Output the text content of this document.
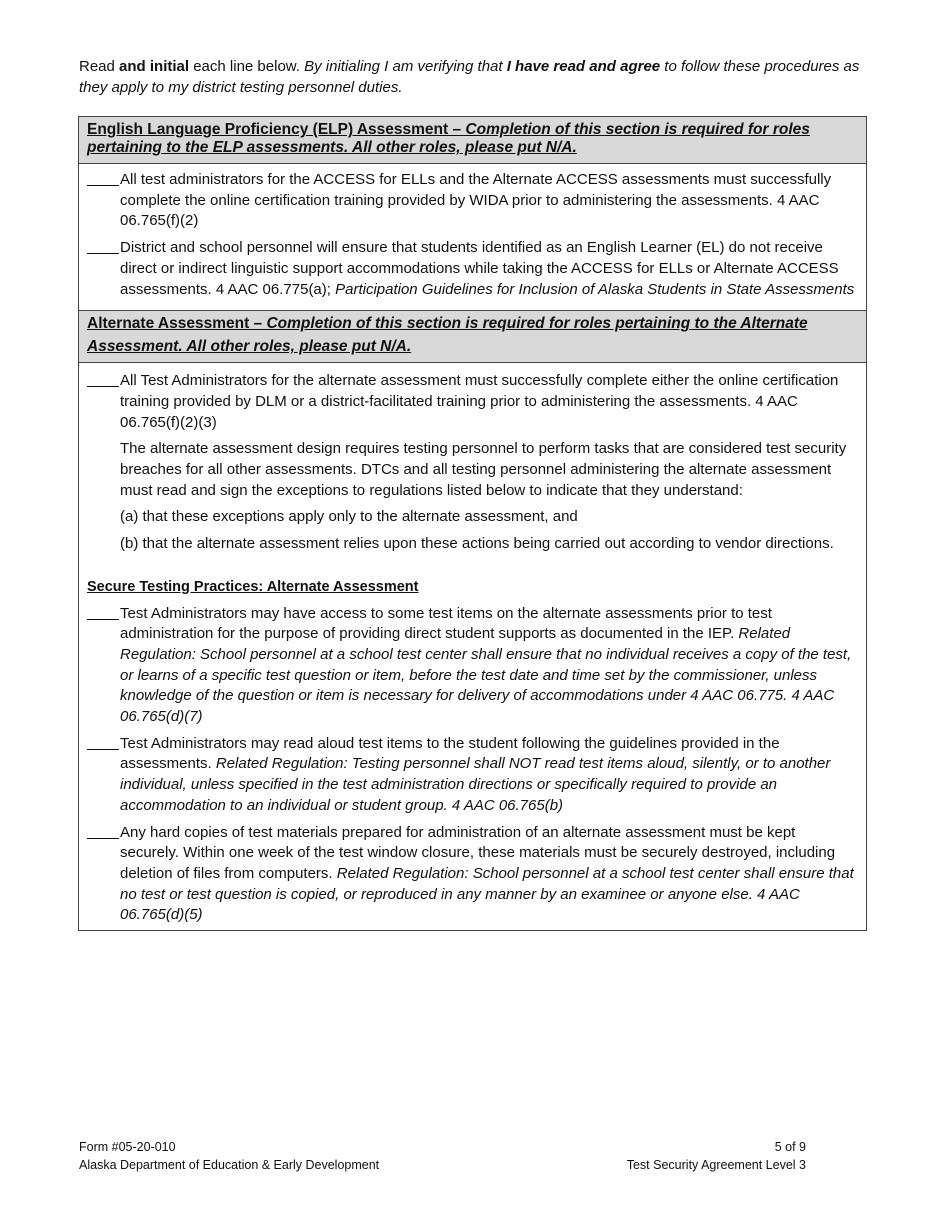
Read and initial each line below. By initialing I am verifying that I have read and agree to follow these procedures as they apply to my district testing personnel duties.
English Language Proficiency (ELP) Assessment – Completion of this section is required for roles pertaining to the ELP assessments. All other roles, please put N/A.
All test administrators for the ACCESS for ELLs and the Alternate ACCESS assessments must successfully complete the online certification training provided by WIDA prior to administering the assessments. 4 AAC 06.765(f)(2)
District and school personnel will ensure that students identified as an English Learner (EL) do not receive direct or indirect linguistic support accommodations while taking the ACCESS for ELLs or Alternate ACCESS assessments. 4 AAC 06.775(a); Participation Guidelines for Inclusion of Alaska Students in State Assessments
Alternate Assessment – Completion of this section is required for roles pertaining to the Alternate Assessment. All other roles, please put N/A.
All Test Administrators for the alternate assessment must successfully complete either the online certification training provided by DLM or a district-facilitated training prior to administering the assessments. 4 AAC 06.765(f)(2)(3)
The alternate assessment design requires testing personnel to perform tasks that are considered test security breaches for all other assessments. DTCs and all testing personnel administering the alternate assessment must read and sign the exceptions to regulations listed below to indicate that they understand:
(a) that these exceptions apply only to the alternate assessment, and
(b) that the alternate assessment relies upon these actions being carried out according to vendor directions.
Secure Testing Practices: Alternate Assessment
Test Administrators may have access to some test items on the alternate assessments prior to test administration for the purpose of providing direct student supports as documented in the IEP. Related Regulation: School personnel at a school test center shall ensure that no individual receives a copy of the test, or learns of a specific test question or item, before the test date and time set by the commissioner, unless knowledge of the question or item is necessary for delivery of accommodations under 4 AAC 06.775. 4 AAC 06.765(d)(7)
Test Administrators may read aloud test items to the student following the guidelines provided in the assessments. Related Regulation: Testing personnel shall NOT read test items aloud, silently, or to another individual, unless specified in the test administration directions or specifically required to provide an accommodation to an individual or student group. 4 AAC 06.765(b)
Any hard copies of test materials prepared for administration of an alternate assessment must be kept securely. Within one week of the test window closure, these materials must be securely destroyed, including deletion of files from computers. Related Regulation: School personnel at a school test center shall ensure that no test or test question is copied, or reproduced in any manner by an examinee or anyone else. 4 AAC 06.765(d)(5)
Form #05-20-010	5 of 9
Alaska Department of Education & Early Development	Test Security Agreement Level 3
